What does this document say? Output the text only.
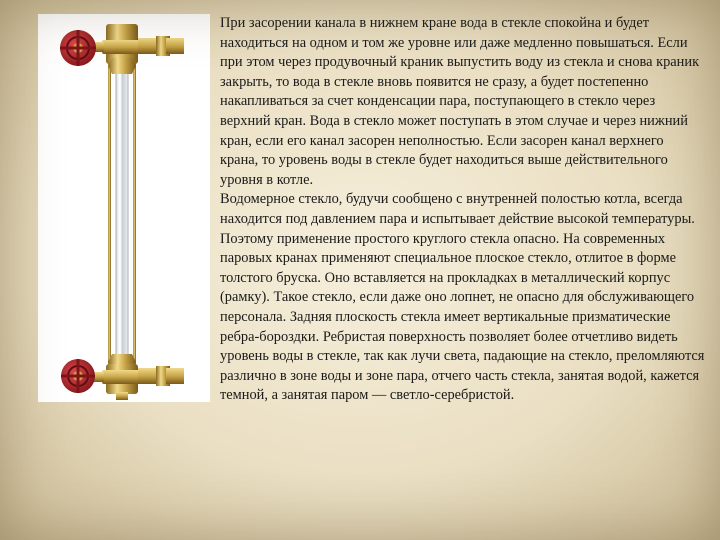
При засорении канала в нижнем кране вода в стекле спокойна и будет находиться на одном и том же уровне или даже медленно повышаться. Если при этом через продувочный краник выпустить воду из стекла и снова краник закрыть, то вода в стекле вновь появится не сразу, а будет постепенно накапливаться за счет конденсации пара, поступающего в стекло через верхний кран. Вода в стекло может поступать в этом случае и через нижний кран, если его канал засорен неполностью. Если засорен канал верхнего крана, то уровень воды в стекле будет находиться выше действительного уровня в котле.

Водомерное стекло, будучи сообщено с внутренней полостью котла, всегда находится под давлением пара и испытывает действие высокой температуры. Поэтому применение простого круглого стекла опасно. На современных паровых кранах применяют специальное плоское стекло, отлитое в форме толстого бруска. Оно вставляется на прокладках в металлический корпус (рамку). Такое стекло, если даже оно лопнет, не опасно для обслуживающего персонала. Задняя плоскость стекла имеет вертикальные призматические ребра-бороздки. Ребристая поверхность позволяет более отчетливо видеть уровень воды в стекле, так как лучи света, падающие на стекло, преломляются различно в зоне воды и зоне пара, отчего часть стекла, занятая водой, кажется темной, а занятая паром — светло-серебристой.
